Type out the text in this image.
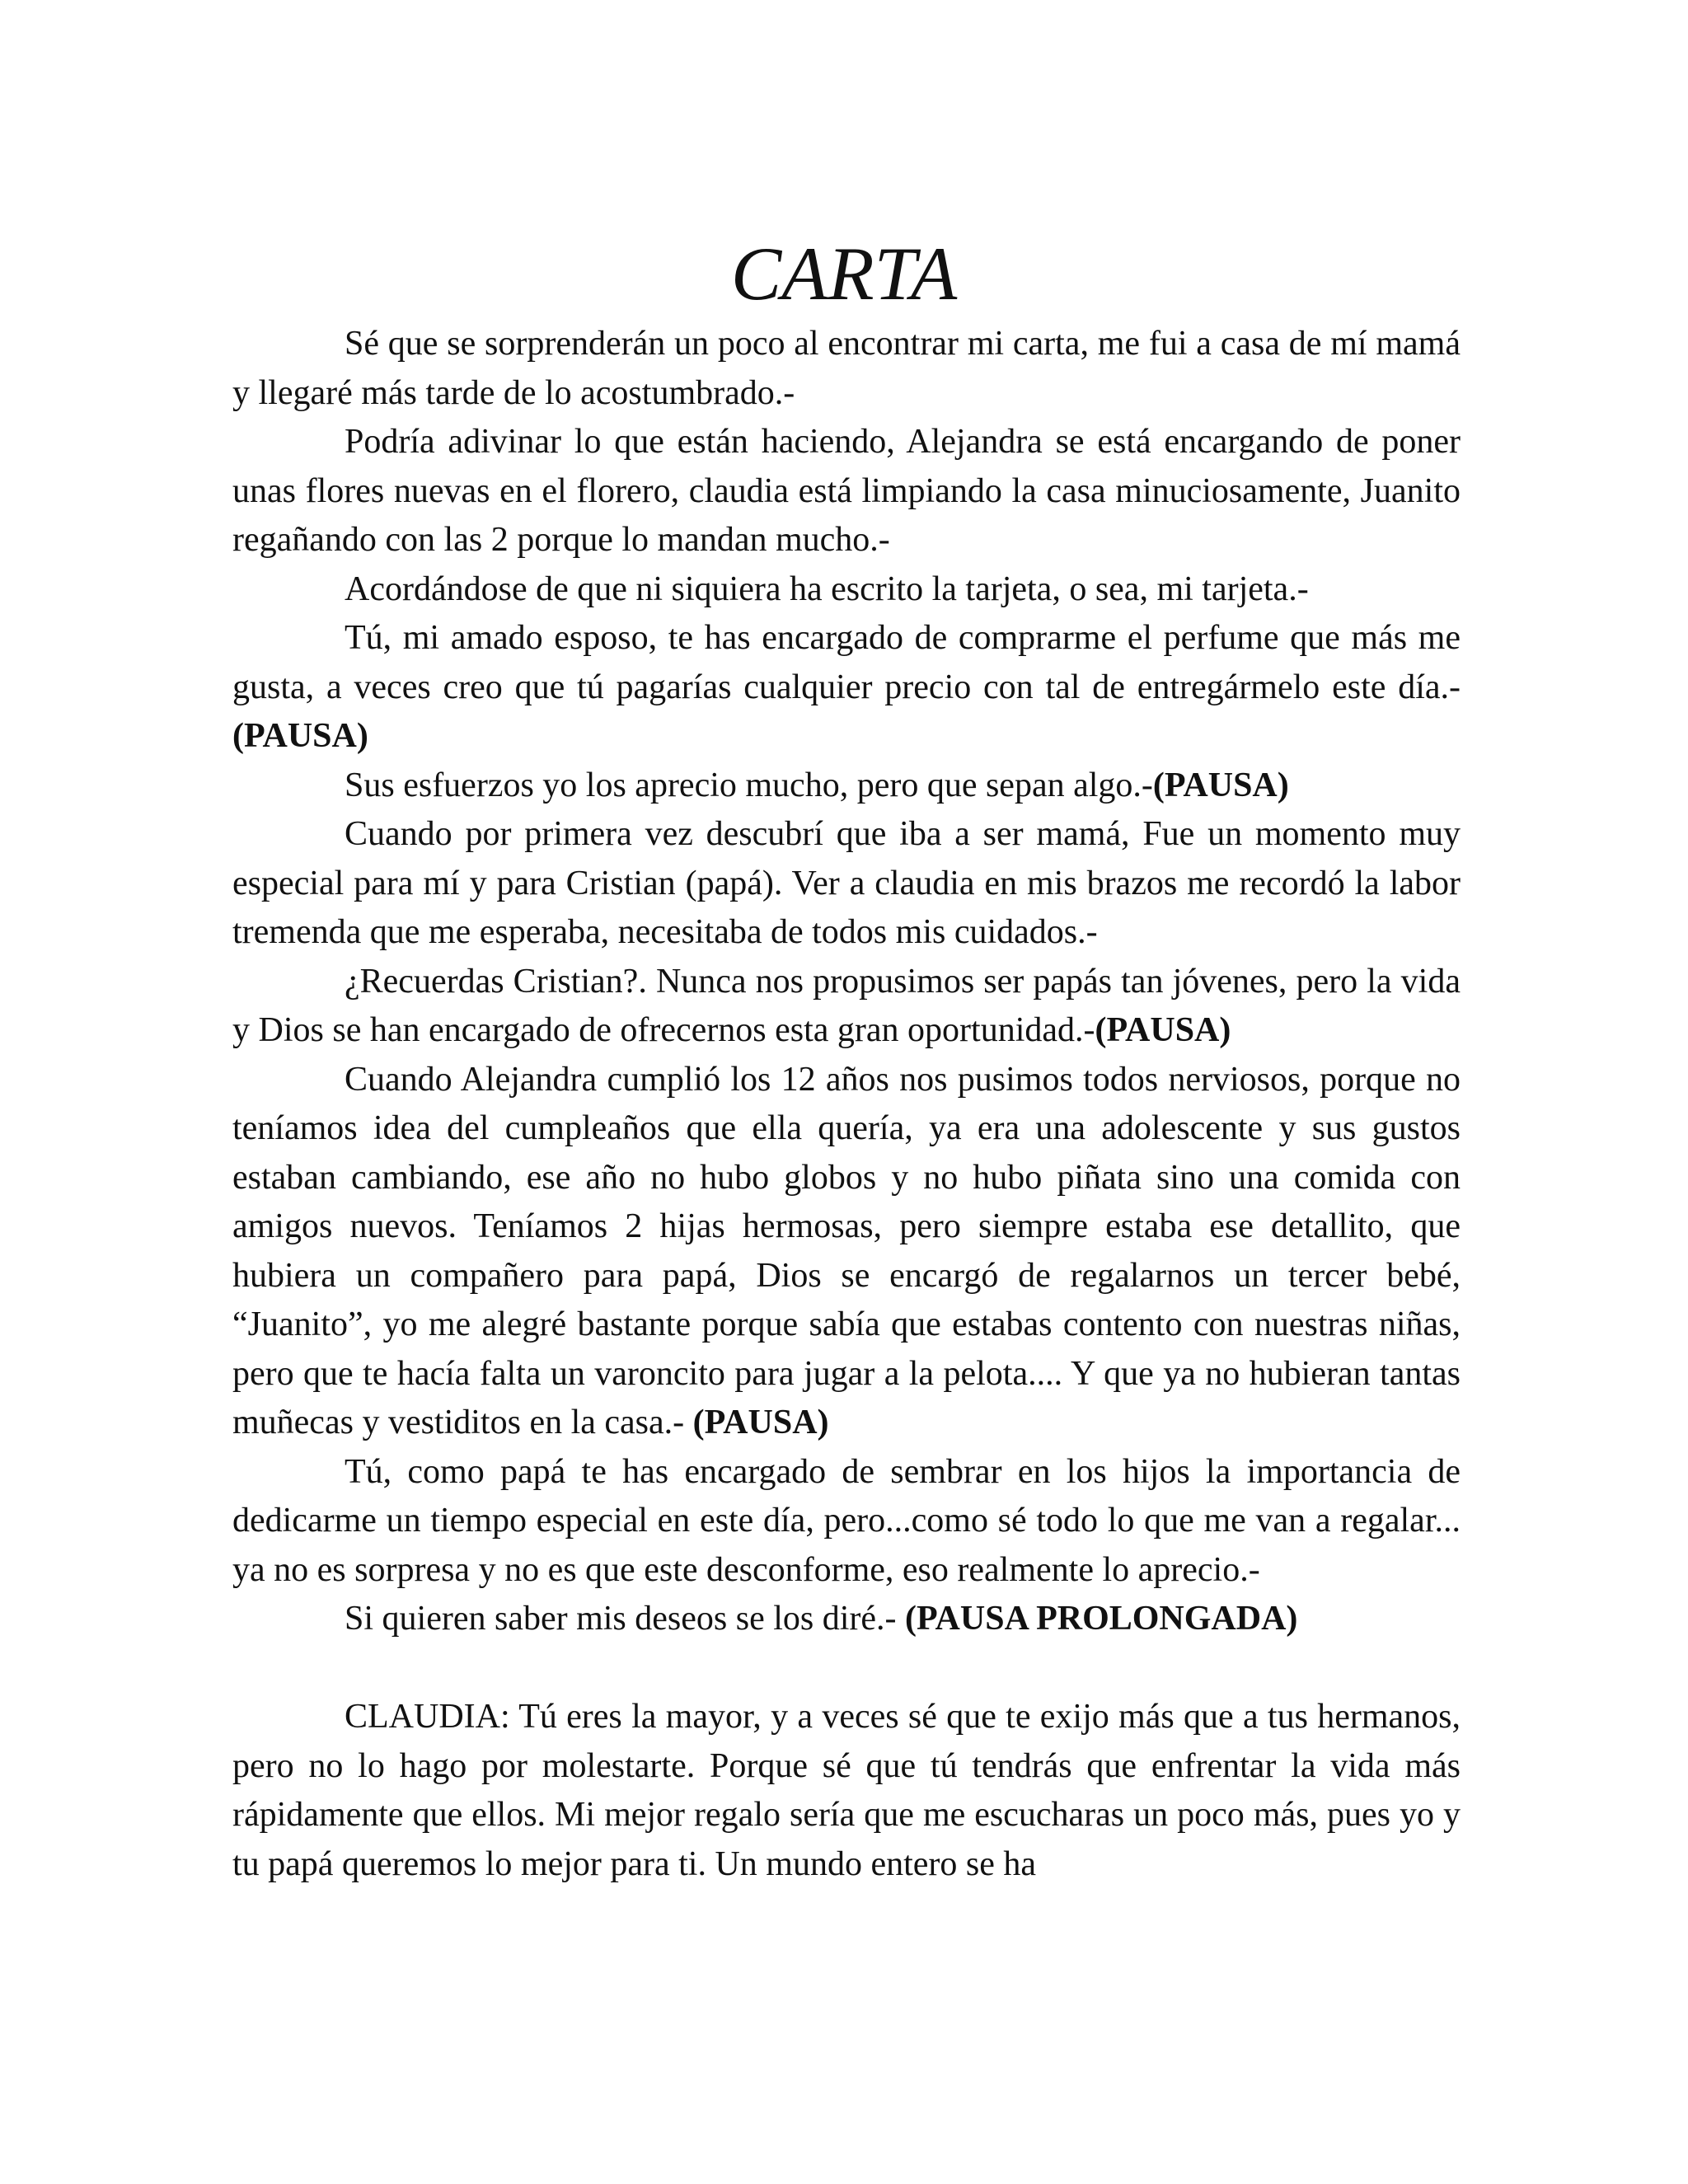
CARTA

Sé que se sorprenderán un poco al encontrar mi carta, me fui a casa de mí mamá y llegaré más tarde de lo acostumbrado.-

Podría adivinar lo que están haciendo, Alejandra se está encargando de poner unas flores nuevas en el florero, claudia está limpiando la casa minuciosamente, Juanito regañando con las 2 porque lo mandan mucho.-

Acordándose de que ni siquiera ha escrito la tarjeta, o sea, mi tarjeta.-

Tú, mi amado esposo, te has encargado de comprarme el perfume que más me gusta, a veces creo que tú pagarías cualquier precio con tal de entregármelo este día.-(PAUSA)

Sus esfuerzos yo los aprecio mucho, pero que sepan algo.-(PAUSA)

Cuando por primera vez descubrí que iba a ser mamá, Fue un momento muy especial para mí y para Cristian (papá). Ver a claudia en mis brazos me recordó la labor tremenda que me esperaba, necesitaba de todos mis cuidados.-

¿Recuerdas Cristian?. Nunca nos propusimos ser papás tan jóvenes, pero la vida y Dios se han encargado de ofrecernos esta gran oportunidad.-(PAUSA)

Cuando Alejandra cumplió los 12 años nos pusimos todos nerviosos, porque no teníamos idea del cumpleaños que ella quería, ya era una adolescente y sus gustos estaban cambiando, ese año no hubo globos y no hubo piñata sino una comida con amigos nuevos. Teníamos 2 hijas hermosas, pero siempre estaba ese detallito, que hubiera un compañero para papá, Dios se encargó de regalarnos un tercer bebé, “Juanito”, yo me alegré bastante porque sabía que estabas contento con nuestras niñas, pero que te hacía falta un varoncito para jugar a la pelota.... Y que ya no hubieran tantas muñecas y vestiditos en la casa.- (PAUSA)

Tú, como papá te has encargado de sembrar en los hijos la importancia de dedicarme un tiempo especial en este día, pero...como sé todo lo que me van a regalar... ya no es sorpresa y no es que este desconforme, eso realmente lo aprecio.-

Si quieren saber mis deseos se los diré.- (PAUSA PROLONGADA)

CLAUDIA: Tú eres la mayor, y a veces sé que te exijo más que a tus hermanos, pero no lo hago por molestarte. Porque sé que tú tendrás que enfrentar la vida más rápidamente que ellos. Mi mejor regalo sería que me escucharas un poco más, pues yo y tu papá queremos lo mejor para ti. Un mundo entero se ha
